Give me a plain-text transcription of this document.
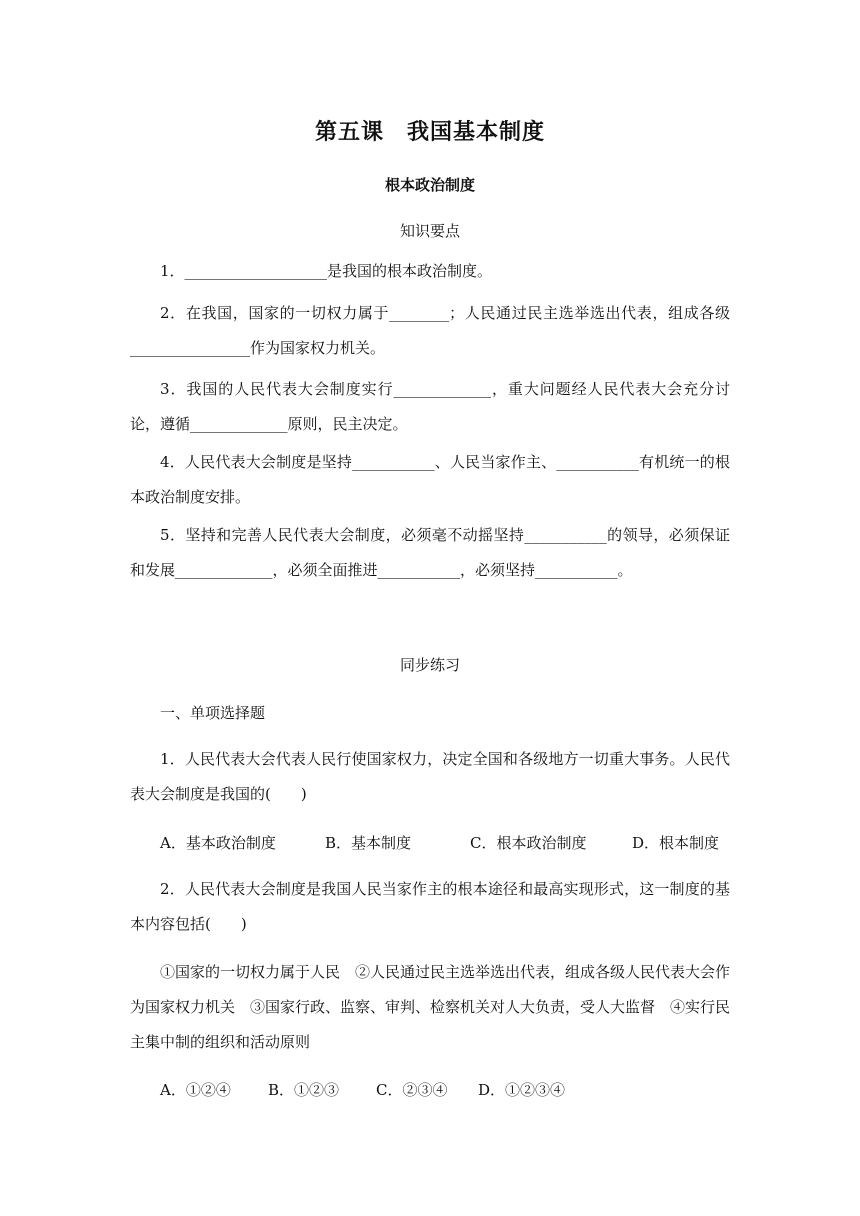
第五课　我国基本制度
根本政治制度
知识要点
1．___________________是我国的根本政治制度。
2．在我国，国家的一切权力属于________；人民通过民主选举选出代表，组成各级________________作为国家权力机关。
3．我国的人民代表大会制度实行_____________，重大问题经人民代表大会充分讨论，遵循_____________原则，民主决定。
4．人民代表大会制度是坚持___________、人民当家作主、___________有机统一的根本政治制度安排。
5．坚持和完善人民代表大会制度，必须毫不动摇坚持___________的领导，必须保证和发展_____________，必须全面推进___________，必须坚持___________。
同步练习
一、单项选择题
1．人民代表大会代表人民行使国家权力，决定全国和各级地方一切重大事务。人民代表大会制度是我国的(　　)
A．基本政治制度	B．基本制度	C．根本政治制度	D．根本制度
2．人民代表大会制度是我国人民当家作主的根本途径和最高实现形式，这一制度的基本内容包括(　　)
①国家的一切权力属于人民　②人民通过民主选举选出代表，组成各级人民代表大会作为国家权力机关　③国家行政、监察、审判、检察机关对人大负责，受人大监督　④实行民主集中制的组织和活动原则
A．①②④ B．①②③ C．②③④ D．①②③④
